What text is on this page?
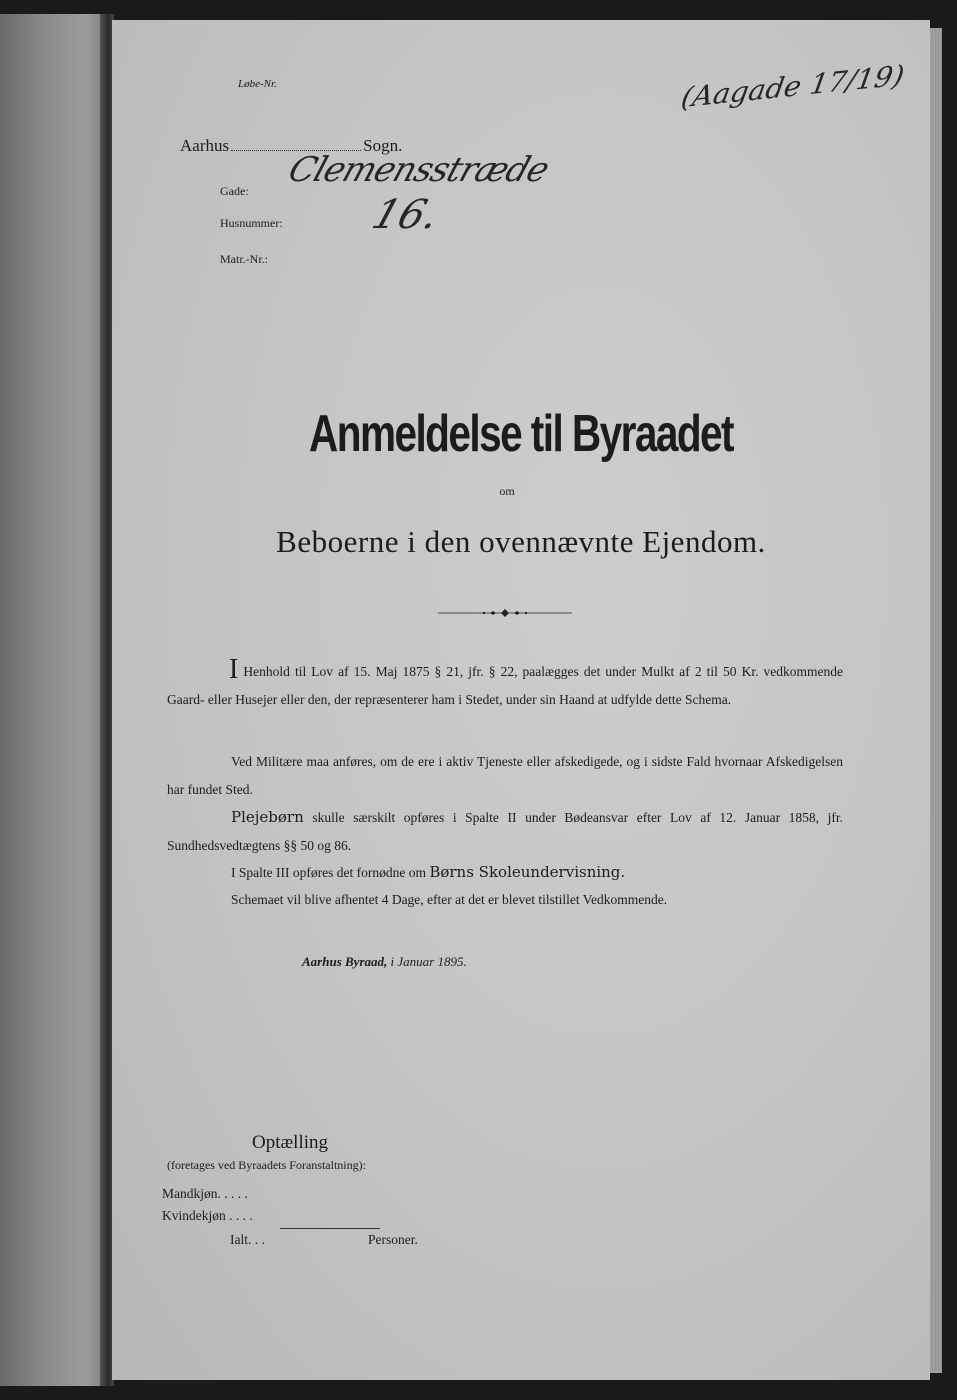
Løbe-Nr.
Aarhus	Sogn.
Gade:
Husnummer:
Matr.-Nr.:
Clemensstræde
16.
(Aagade 17/19)
Anmeldelse til Byraadet
om
Beboerne i den ovennævnte Ejendom.
I Henhold til Lov af 15. Maj 1875 § 21, jfr. § 22, paalægges det under Mulkt af 2 til 50 Kr. vedkommende Gaard- eller Husejer eller den, der repræsenterer ham i Stedet, under sin Haand at udfylde dette Schema.
Ved Militære maa anføres, om de ere i aktiv Tjeneste eller afskedigede, og i sidste Fald hvornaar Afskedigelsen har fundet Sted.
Plejebørn skulle særskilt opføres i Spalte II under Bødeansvar efter Lov af 12. Januar 1858, jfr. Sundhedsvedtægtens §§ 50 og 86.
I Spalte III opføres det fornødne om Børns Skoleundervisning.
Schemaet vil blive afhentet 4 Dage, efter at det er blevet tilstillet Vedkommende.
Aarhus Byraad, i Januar 1895.
Optælling
(foretages ved Byraadets Foranstaltning):
Mandkjøn. . . . .
Kvindekjøn . . . .
Ialt. . .	Personer.
